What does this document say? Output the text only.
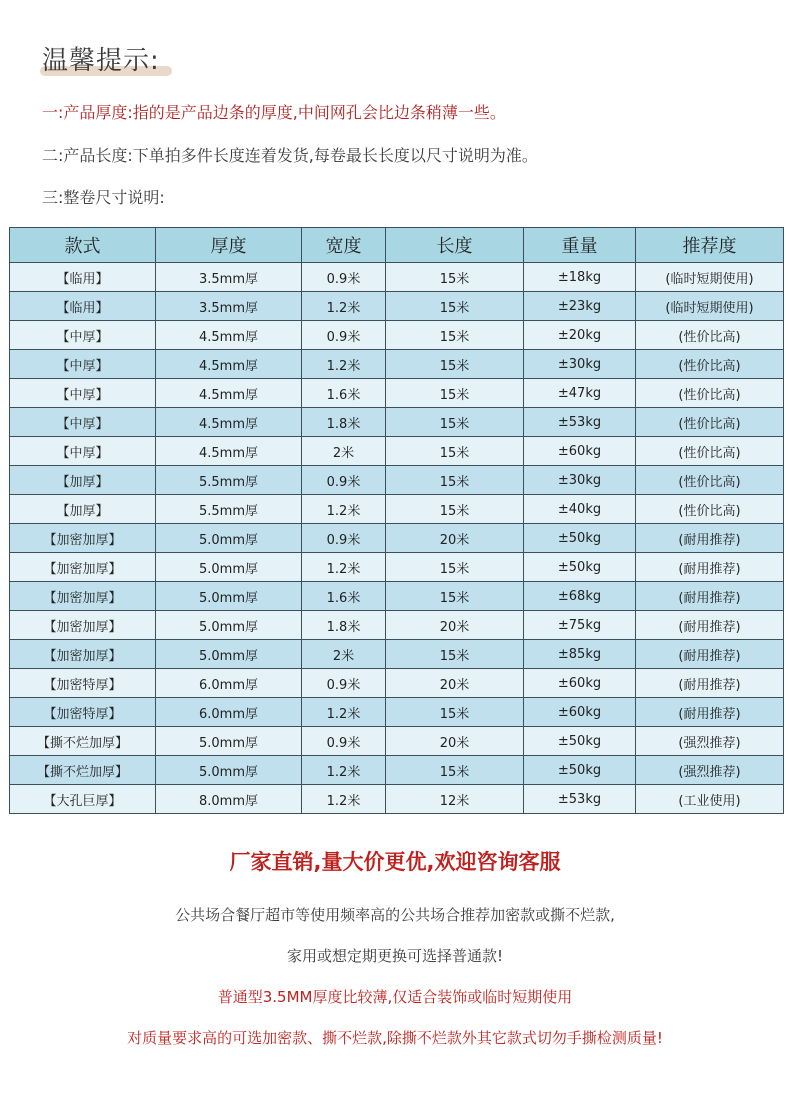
温馨提示:
一:产品厚度:指的是产品边条的厚度,中间网孔会比边条稍薄一些。
二:产品长度:下单拍多件长度连着发货,每卷最长长度以尺寸说明为准。
三:整卷尺寸说明:
款式	厚度	宽度	长度	重量	推荐度
【临用】	3.5mm厚	0.9米	15米	±18kg	(临时短期使用)
【临用】	3.5mm厚	1.2米	15米	±23kg	(临时短期使用)
【中厚】	4.5mm厚	0.9米	15米	±20kg	(性价比高)
【中厚】	4.5mm厚	1.2米	15米	±30kg	(性价比高)
【中厚】	4.5mm厚	1.6米	15米	±47kg	(性价比高)
【中厚】	4.5mm厚	1.8米	15米	±53kg	(性价比高)
【中厚】	4.5mm厚	2米	15米	±60kg	(性价比高)
【加厚】	5.5mm厚	0.9米	15米	±30kg	(性价比高)
【加厚】	5.5mm厚	1.2米	15米	±40kg	(性价比高)
【加密加厚】	5.0mm厚	0.9米	20米	±50kg	(耐用推荐)
【加密加厚】	5.0mm厚	1.2米	15米	±50kg	(耐用推荐)
【加密加厚】	5.0mm厚	1.6米	15米	±68kg	(耐用推荐)
【加密加厚】	5.0mm厚	1.8米	20米	±75kg	(耐用推荐)
【加密加厚】	5.0mm厚	2米	15米	±85kg	(耐用推荐)
【加密特厚】	6.0mm厚	0.9米	20米	±60kg	(耐用推荐)
【加密特厚】	6.0mm厚	1.2米	15米	±60kg	(耐用推荐)
【撕不烂加厚】	5.0mm厚	0.9米	20米	±50kg	(强烈推荐)
【撕不烂加厚】	5.0mm厚	1.2米	15米	±50kg	(强烈推荐)
【大孔巨厚】	8.0mm厚	1.2米	12米	±53kg	(工业使用)
厂家直销,量大价更优,欢迎咨询客服
公共场合餐厅超市等使用频率高的公共场合推荐加密款或撕不烂款,
家用或想定期更换可选择普通款!
普通型3.5MM厚度比较薄,仅适合装饰或临时短期使用
对质量要求高的可选加密款、撕不烂款,除撕不烂款外其它款式切勿手撕检测质量!
